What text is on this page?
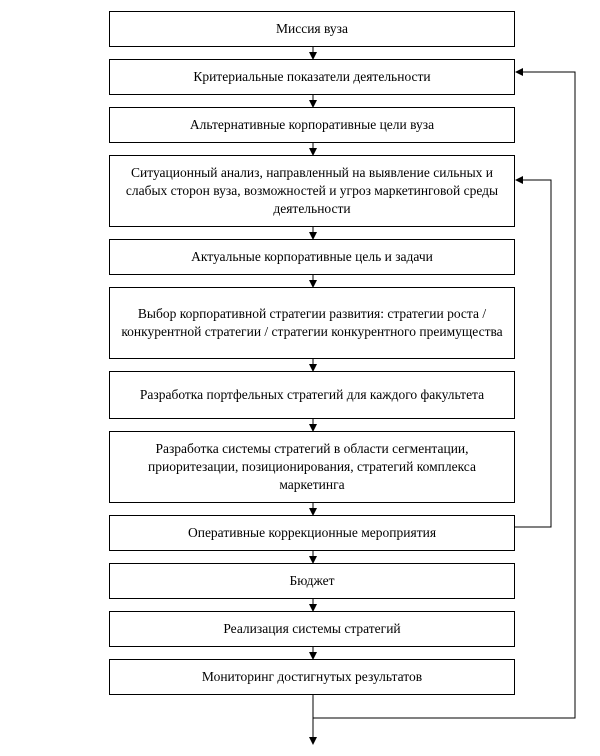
Миссия вуза
Критериальные показатели деятельности
Альтернативные корпоративные цели вуза
Ситуационный анализ, направленный на выявление сильных и слабых сторон вуза, возможностей и угроз маркетинговой среды деятельности
Актуальные корпоративные цель и задачи
Выбор корпоративной стратегии развития: стратегии роста / конкурентной стратегии / стратегии конкурентного преимущества
Разработка портфельных стратегий для каждого факультета
Разработка системы стратегий в области сегментации, приоритезации, позиционирования, стратегий комплекса маркетинга
Оперативные коррекционные мероприятия
Бюджет
Реализация системы стратегий
Мониторинг достигнутых результатов
